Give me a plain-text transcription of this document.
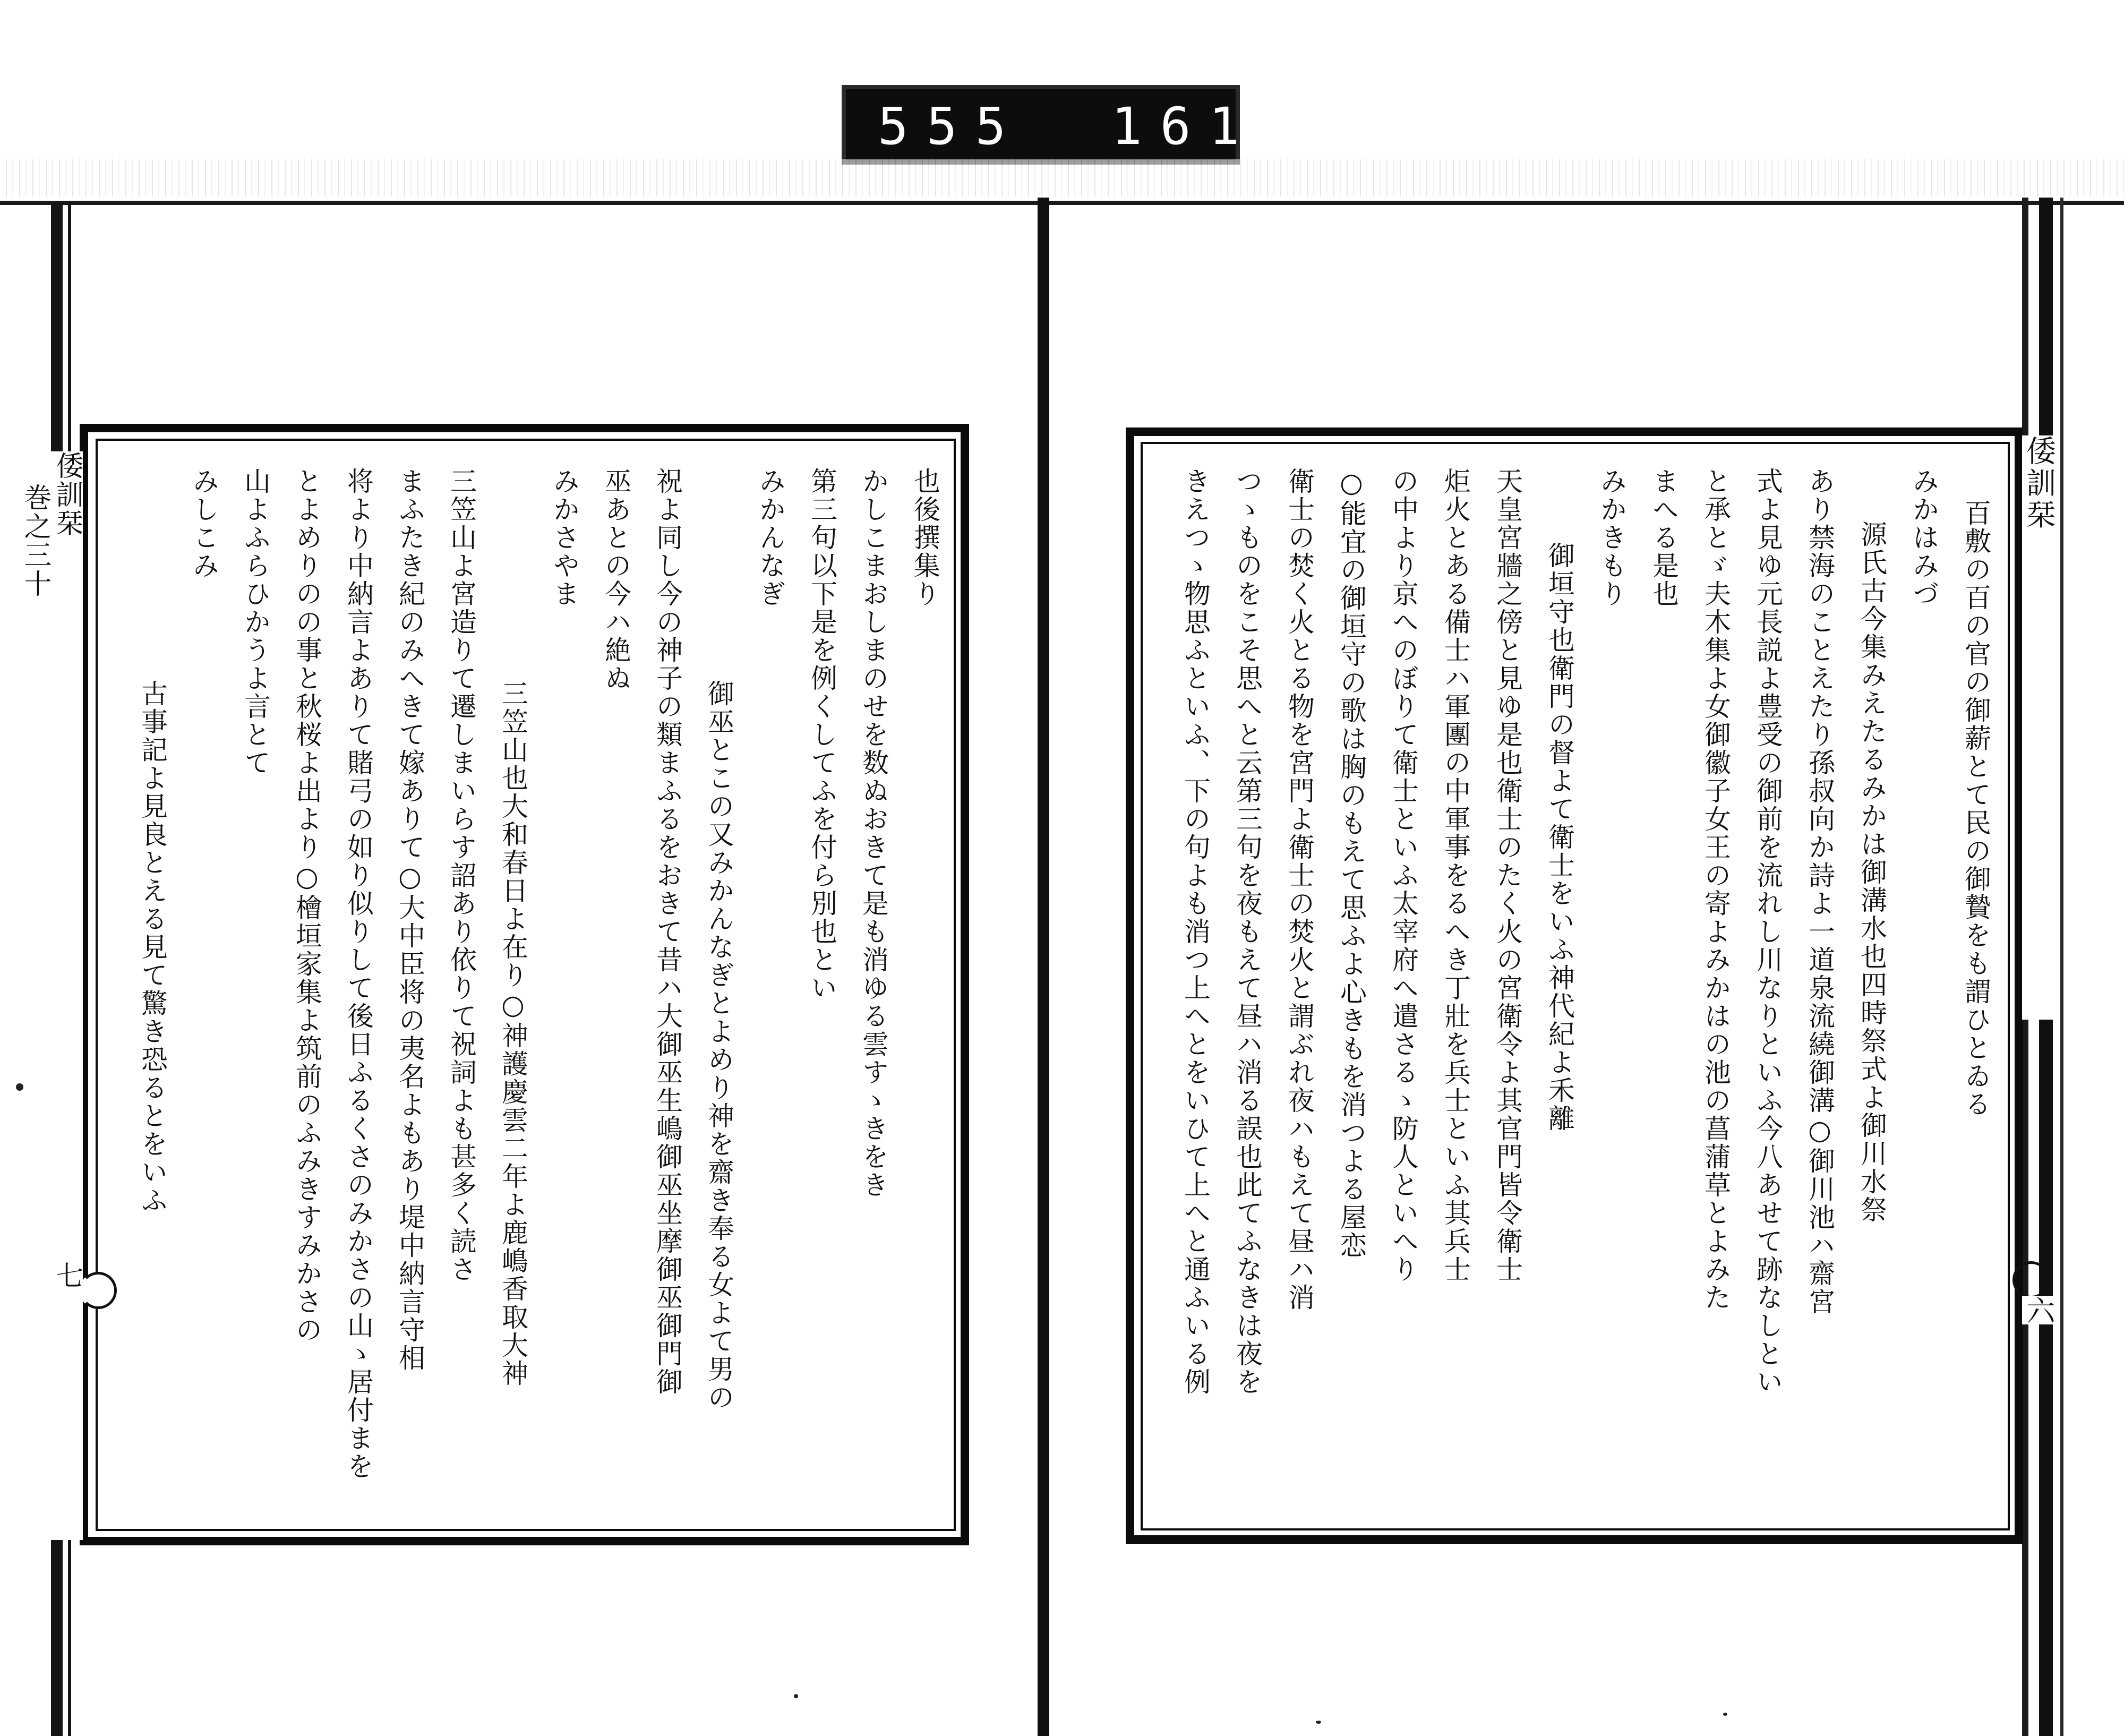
555 161.
倭訓栞
巻之三十
七
也後撰集り
かしこまおしまのせを数ぬおきて是も消ゆる雲すゝきをき
第三句以下是を例くしてふを付ら別也とい
みかんなぎ
御巫とこの又みかんなぎとよめり神を齋き奉る女よて男の
祝よ同し今の神子の類まふるをおきて昔ハ大御巫生嶋御巫坐摩御巫御門御
巫あとの今ハ絶ぬ
みかさやま
三笠山也大和春日よ在り○神護慶雲二年よ鹿嶋香取大神
三笠山よ宮造りて遷しまいらす詔あり依りて祝詞よも甚多く読さ
まふたき紀のみへきて嫁ありて○大中臣将の夷名よもあり堤中納言守相
将より中納言よありて賭弓の如り似りして後日ふるくさのみかさの山ゝ居付まを
とよめりのの事と秋桜よ出より○檜垣家集よ筑前のふみきすみかさの
山よふらひかうよ言とて
みしこみ
古事記よ見良とえる見て驚き恐るとをいふ
倭訓栞
六
百敷の百の官の御薪とて民の御贄をも謂ひとゐる
みかはみづ
源氏古今集みえたるみかは御溝水也四時祭式よ御川水祭
あり禁海のことえたり孫叔向か詩よ一道泉流繞御溝○御川池ハ齋宮
式よ見ゆ元長説よ豊受の御前を流れし川なりといふ今八あせて跡なしとい
と承とゞ夫木集よ女御徽子女王の寄よみかはの池の菖蒲草とよみた
まへる是也
みかきもり
御垣守也衛門の督よて衛士をいふ神代紀よ禾離
天皇宮牆之傍と見ゆ是也衛士のたく火の宮衛令よ其官門皆令衛士
炬火とある備士ハ軍團の中軍事をるへき丁壯を兵士といふ其兵士
の中より京へのぼりて衛士といふ太宰府へ遣さるゝ防人といへり
○能宜の御垣守の歌は胸のもえて思ふよ心きもを消つよる屋恋
衛士の焚く火とる物を宮門よ衛士の焚火と謂ぶれ夜ハもえて昼ハ消
つゝものをこそ思へと云第三句を夜もえて昼ハ消る誤也此てふなきは夜を
きえつゝ物思ふといふ、下の句よも消つ上へとをいひて上へと通ふいる例
